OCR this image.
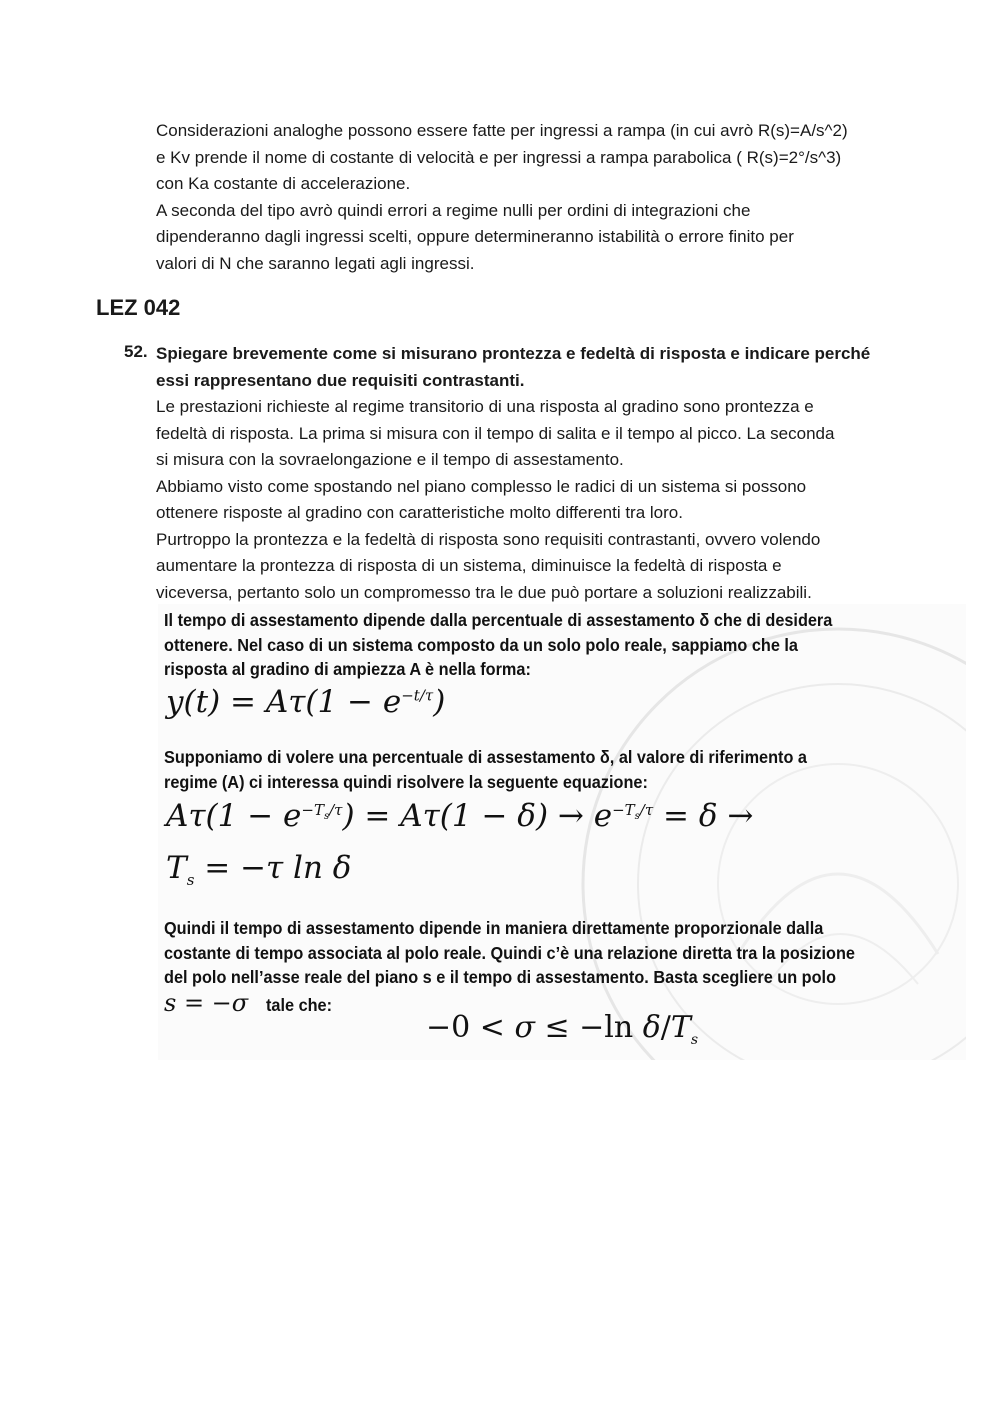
Considerazioni analoghe possono essere fatte per ingressi a rampa (in cui avrò R(s)=A/s^2)
e Kv prende il nome di costante di velocità e per ingressi a rampa parabolica ( R(s)=2°/s^3)
con Ka costante di accelerazione.
A seconda del tipo avrò quindi errori a regime nulli per ordini di integrazioni che
dipenderanno dagli ingressi scelti, oppure determineranno istabilità o errore finito per
valori di N che saranno legati agli ingressi.
LEZ 042
52. Spiegare brevemente come si misurano prontezza e fedeltà di risposta e indicare perché
essi rappresentano due requisiti contrastanti.
Le prestazioni richieste al regime transitorio di una risposta al gradino sono prontezza e
fedeltà di risposta. La prima si misura con il tempo di salita e il tempo al picco. La seconda
si misura con la sovraelongazione e il tempo di assestamento.
Abbiamo visto come spostando nel piano complesso le radici di un sistema si possono
ottenere risposte al gradino con caratteristiche molto differenti tra loro.
Purtroppo la prontezza e la fedeltà di risposta sono requisiti contrastanti, ovvero volendo
aumentare la prontezza di risposta di un sistema, diminuisce la fedeltà di risposta e
viceversa, pertanto solo un compromesso tra le due può portare a soluzioni realizzabili.
Il tempo di assestamento dipende dalla percentuale di assestamento δ che di desidera
ottenere. Nel caso di un sistema composto da un solo polo reale, sappiamo che la
risposta al gradino di ampiezza A è nella forma:
$y(t) = A\tau(1 - e^{-t/\tau})$
Supponiamo di volere una percentuale di assestamento δ, al valore di riferimento a
regime (A) ci interessa quindi risolvere la seguente equazione:
$A\tau(1 - e^{-T_s/\tau}) = A\tau(1 - \delta) \to e^{-T_s/\tau} = \delta$ →
$T_s = -\tau$ ln δ
Quindi il tempo di assestamento dipende in maniera direttamente proporzionale dalla
costante di tempo associata al polo reale. Quindi c’è una relazione diretta tra la posizione
del polo nell’asse reale del piano s e il tempo di assestamento. Basta scegliere un polo
s = −σ tale che:
−0 < σ ≤ −ln $\delta/T_s$
